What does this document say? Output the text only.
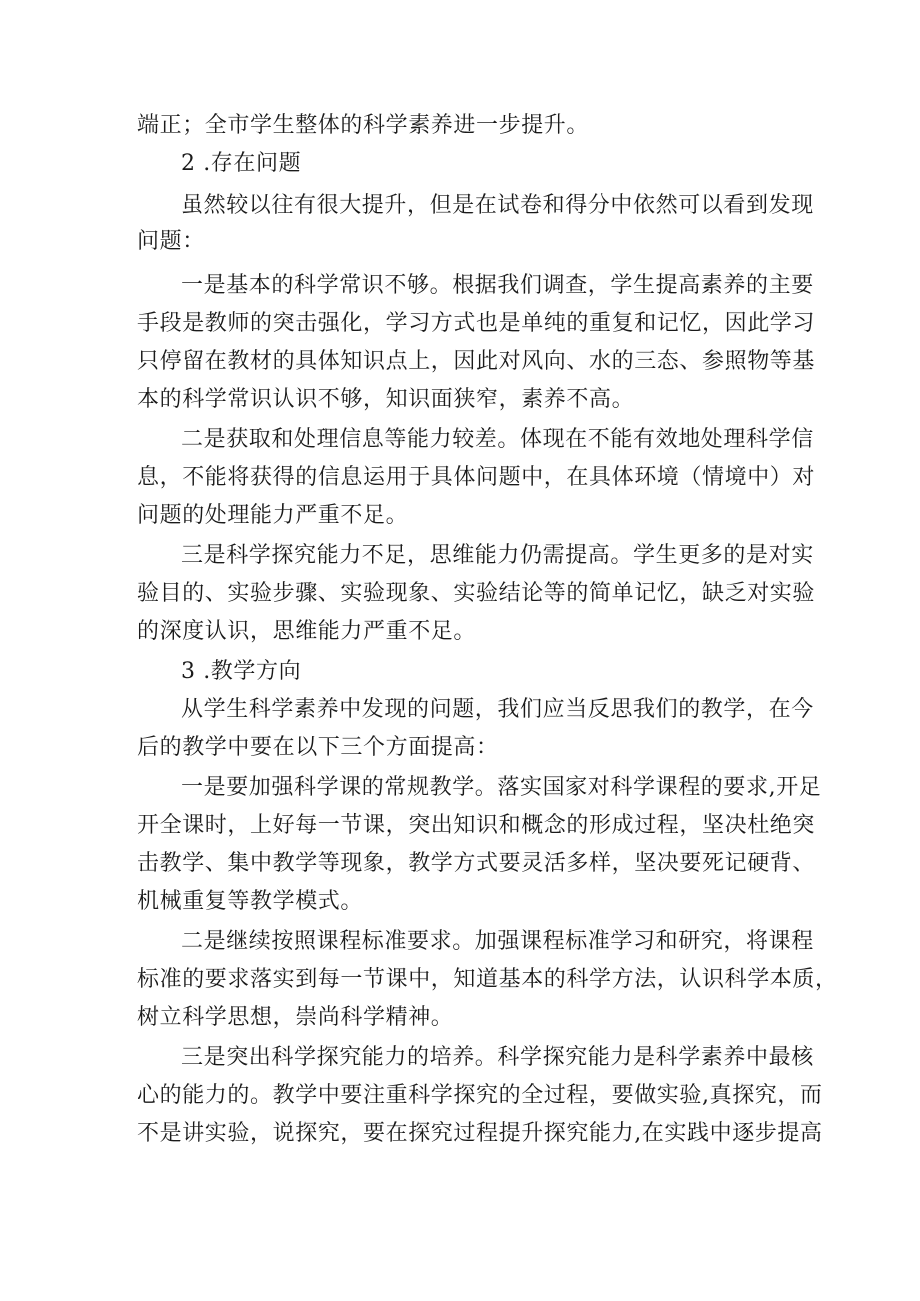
端正；全市学生整体的科学素养进一步提升。
2 .存在问题
虽然较以往有很大提升，但是在试卷和得分中依然可以看到发现
问题：
一是基本的科学常识不够。根据我们调查，学生提高素养的主要
手段是教师的突击强化，学习方式也是单纯的重复和记忆，因此学习
只停留在教材的具体知识点上，因此对风向、水的三态、参照物等基
本的科学常识认识不够，知识面狭窄，素养不高。
二是获取和处理信息等能力较差。体现在不能有效地处理科学信
息，不能将获得的信息运用于具体问题中，在具体环境（情境中）对
问题的处理能力严重不足。
三是科学探究能力不足，思维能力仍需提高。学生更多的是对实
验目的、实验步骤、实验现象、实验结论等的简单记忆，缺乏对实验
的深度认识，思维能力严重不足。
3 .教学方向
从学生科学素养中发现的问题，我们应当反思我们的教学，在今
后的教学中要在以下三个方面提高：
一是要加强科学课的常规教学。落实国家对科学课程的要求,开足
开全课时，上好每一节课，突出知识和概念的形成过程，坚决杜绝突
击教学、集中教学等现象，教学方式要灵活多样，坚决要死记硬背、
机械重复等教学模式。
二是继续按照课程标准要求。加强课程标准学习和研究，将课程
标准的要求落实到每一节课中，知道基本的科学方法，认识科学本质，
树立科学思想，崇尚科学精神。
三是突出科学探究能力的培养。科学探究能力是科学素养中最核
心的能力的。教学中要注重科学探究的全过程，要做实验,真探究，而
不是讲实验，说探究，要在探究过程提升探究能力,在实践中逐步提高
